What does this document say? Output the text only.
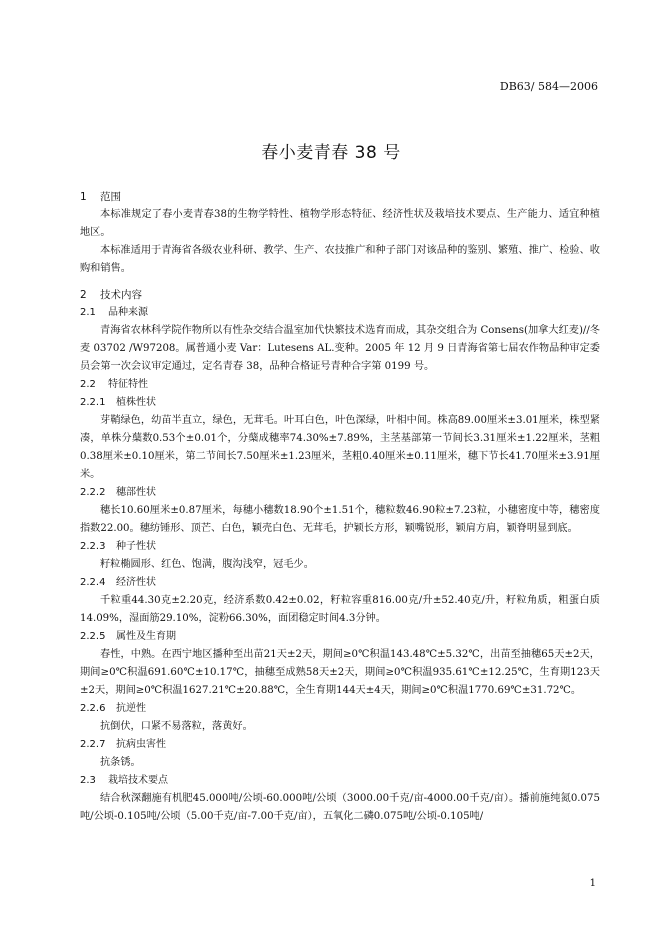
DB63/ 584—2006
春小麦青春 38 号
1 范围
本标准规定了春小麦青春38的生物学特性、植物学形态特征、经济性状及栽培技术要点、生产能力、适宜种植地区。
本标准适用于青海省各级农业科研、教学、生产、农技推广和种子部门对该品种的鉴别、繁殖、推广、检验、收购和销售。
2 技术内容
2.1 品种来源
青海省农林科学院作物所以有性杂交结合温室加代快繁技术选育而成，其杂交组合为 Consens(加拿大红麦)//冬麦 03702 /W97208。属普通小麦 Var：Lutesens AL.变种。2005 年 12 月 9 日青海省第七届农作物品种审定委员会第一次会议审定通过，定名青春 38，品种合格证号青种合字第 0199 号。
2.2 特征特性
2.2.1 植株性状
芽鞘绿色，幼苗半直立，绿色，无茸毛。叶耳白色，叶色深绿，叶相中间。株高89.00厘米±3.01厘米，株型紧凑，单株分蘖数0.53个±0.01个，分蘖成穗率74.30%±7.89%，主茎基部第一节间长3.31厘米±1.22厘米，茎粗0.38厘米±0.10厘米，第二节间长7.50厘米±1.23厘米，茎粗0.40厘米±0.11厘米，穗下节长41.70厘米±3.91厘米。
2.2.2 穗部性状
穗长10.60厘米±0.87厘米，每穗小穗数18.90个±1.51个，穗粒数46.90粒±7.23粒，小穗密度中等，穗密度指数22.00。穗纺锤形、顶芒、白色，颖壳白色、无茸毛，护颖长方形，颖嘴锐形，颖肩方肩，颖脊明显到底。
2.2.3 种子性状
籽粒椭圆形、红色、饱满，腹沟浅窄，冠毛少。
2.2.4 经济性状
千粒重44.30克±2.20克，经济系数0.42±0.02，籽粒容重816.00克/升±52.40克/升，籽粒角质，粗蛋白质14.09%，湿面筋29.10%，淀粉66.30%，面团稳定时间4.3分钟。
2.2.5 属性及生育期
春性，中熟。在西宁地区播种至出苗21天±2天，期间≥0℃积温143.48℃±5.32℃，出苗至抽穗65天±2天，期间≥0℃积温691.60℃±10.17℃，抽穗至成熟58天±2天，期间≥0℃积温935.61℃±12.25℃，生育期123天±2天，期间≥0℃积温1627.21℃±20.88℃，全生育期144天±4天，期间≥0℃积温1770.69℃±31.72℃。
2.2.6 抗逆性
抗倒伏，口紧不易落粒，落黄好。
2.2.7 抗病虫害性
抗条锈。
2.3 栽培技术要点
结合秋深翻施有机肥45.000吨/公顷-60.000吨/公顷（3000.00千克/亩-4000.00千克/亩）。播前施纯氮0.075吨/公顷-0.105吨/公顷（5.00千克/亩-7.00千克/亩），五氧化二磷0.075吨/公顷-0.105吨/
1
